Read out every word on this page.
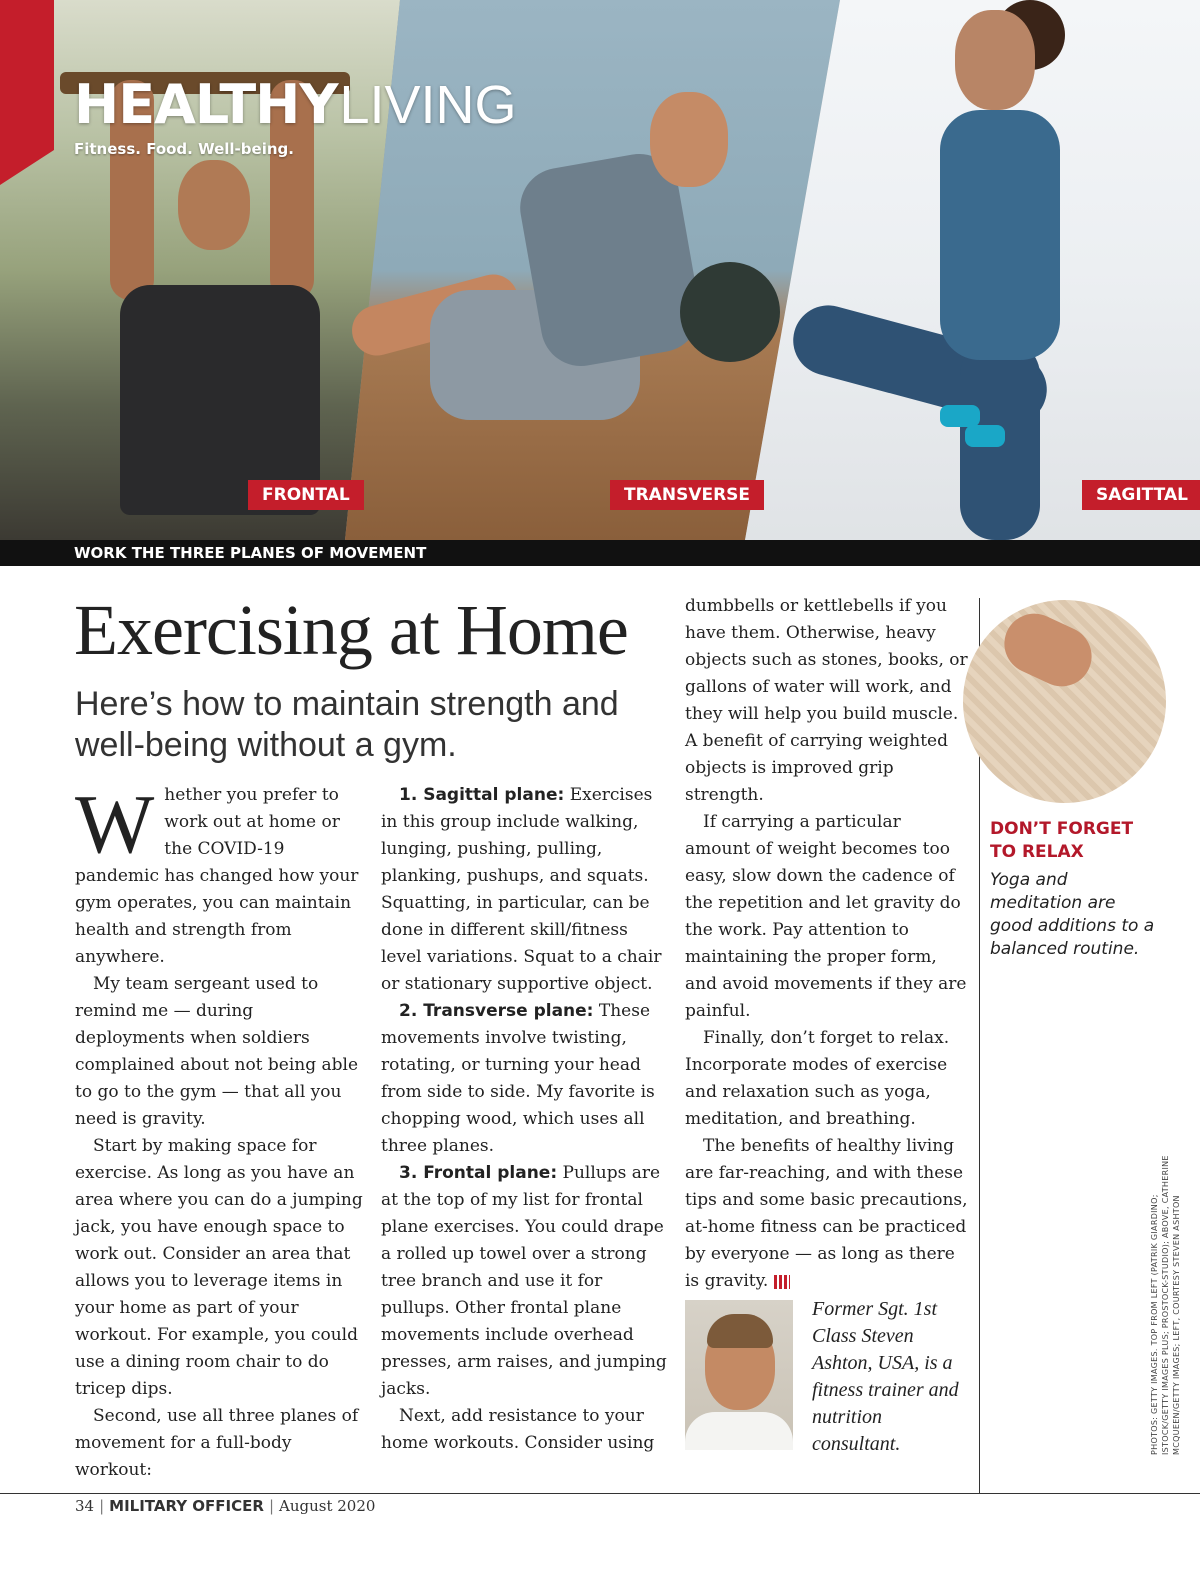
HEALTHYLIVING
Fitness. Food. Well-being.
FRONTAL	TRANSVERSE	SAGITTAL
WORK THE THREE PLANES OF MOVEMENT
Exercising at Home
Here’s how to maintain strength and well-being without a gym.

Whether you prefer to work out at home or the COVID-19 pandemic has changed how your gym operates, you can maintain health and strength from anywhere.

My team sergeant used to remind me — during deployments when soldiers complained about not being able to go to the gym — that all you need is gravity.

Start by making space for exercise. As long as you have an area where you can do a jumping jack, you have enough space to work out. Consider an area that allows you to leverage items in your home as part of your workout. For example, you could use a dining room chair to do tricep dips.

Second, use all three planes of movement for a full-body workout:

1. Sagittal plane: Exercises in this group include walking, lunging, pushing, pulling, planking, pushups, and squats. Squatting, in particular, can be done in different skill/fitness level variations. Squat to a chair or stationary supportive object.

2. Transverse plane: These movements involve twisting, rotating, or turning your head from side to side. My favorite is chopping wood, which uses all three planes.

3. Frontal plane: Pullups are at the top of my list for frontal plane exercises. You could drape a rolled up towel over a strong tree branch and use it for pullups. Other frontal plane movements include overhead presses, arm raises, and jumping jacks.

Next, add resistance to your home workouts. Consider using

dumbbells or kettlebells if you have them. Otherwise, heavy objects such as stones, books, or gallons of water will work, and they will help you build muscle. A benefit of carrying weighted objects is improved grip strength.

If carrying a particular amount of weight becomes too easy, slow down the cadence of the repetition and let gravity do the work. Pay attention to maintaining the proper form, and avoid movements if they are painful.

Finally, don’t forget to relax. Incorporate modes of exercise and relaxation such as yoga, meditation, and breathing.

The benefits of healthy living are far-reaching, and with these tips and some basic precautions, at-home fitness can be practiced by everyone — as long as there is gravity.

Former Sgt. 1st Class Steven Ashton, USA, is a fitness trainer and nutrition consultant.
DON’T FORGET
TO RELAX
Yoga and meditation are good additions to a balanced routine.
PHOTOS: GETTY IMAGES. TOP FROM LEFT (PATRIK GIARDINO; ISTOCK/GETTY IMAGES PLUS; PROSTOCK-STUDIO); ABOVE, CATHERINE MCQUEEN/GETTY IMAGES; LEFT, COURTESY STEVEN ASHTON
34 | MILITARY OFFICER | August 2020
